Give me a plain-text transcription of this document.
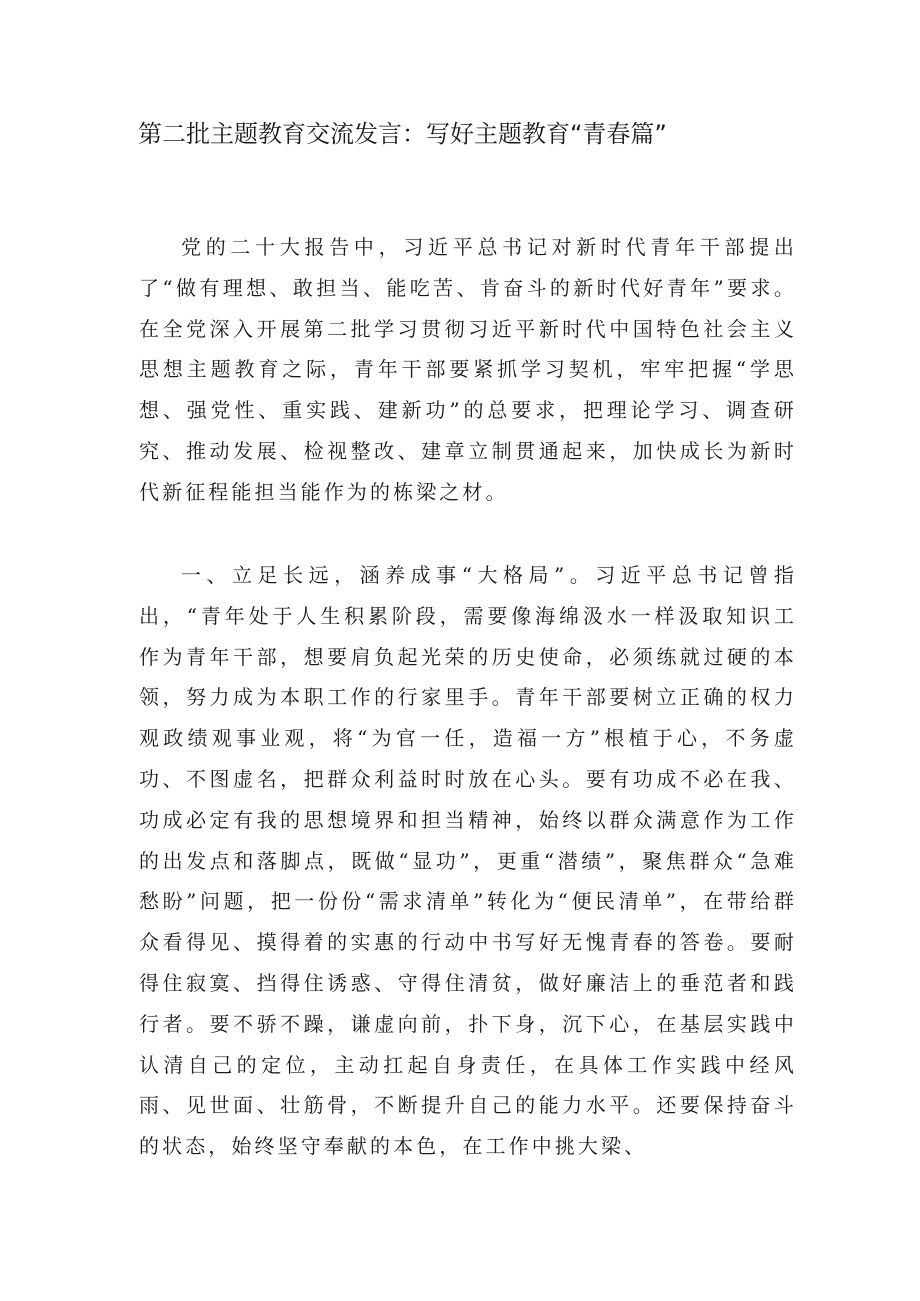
第二批主题教育交流发言：写好主题教育“青春篇”

党的二十大报告中，习近平总书记对新时代青年干部提出了“做有理想、敢担当、能吃苦、肯奋斗的新时代好青年”要求。在全党深入开展第二批学习贯彻习近平新时代中国特色社会主义思想主题教育之际，青年干部要紧抓学习契机，牢牢把握“学思想、强党性、重实践、建新功”的总要求，把理论学习、调查研究、推动发展、检视整改、建章立制贯通起来，加快成长为新时代新征程能担当能作为的栋梁之材。

一、立足长远，涵养成事“大格局”。习近平总书记曾指出，“青年处于人生积累阶段，需要像海绵汲水一样汲取知识工作为青年干部，想要肩负起光荣的历史使命，必须练就过硬的本领，努力成为本职工作的行家里手。青年干部要树立正确的权力观政绩观事业观，将“为官一任，造福一方”根植于心，不务虚功、不图虚名，把群众利益时时放在心头。要有功成不必在我、功成必定有我的思想境界和担当精神，始终以群众满意作为工作的出发点和落脚点，既做“显功”，更重“潜绩”，聚焦群众“急难愁盼”问题，把一份份“需求清单”转化为“便民清单”，在带给群众看得见、摸得着的实惠的行动中书写好无愧青春的答卷。要耐得住寂寞、挡得住诱惑、守得住清贫，做好廉洁上的垂范者和践行者。要不骄不躁，谦虚向前，扑下身，沉下心，在基层实践中认清自己的定位，主动扛起自身责任，在具体工作实践中经风雨、见世面、壮筋骨，不断提升自己的能力水平。还要保持奋斗的状态，始终坚守奉献的本色，在工作中挑大梁、
